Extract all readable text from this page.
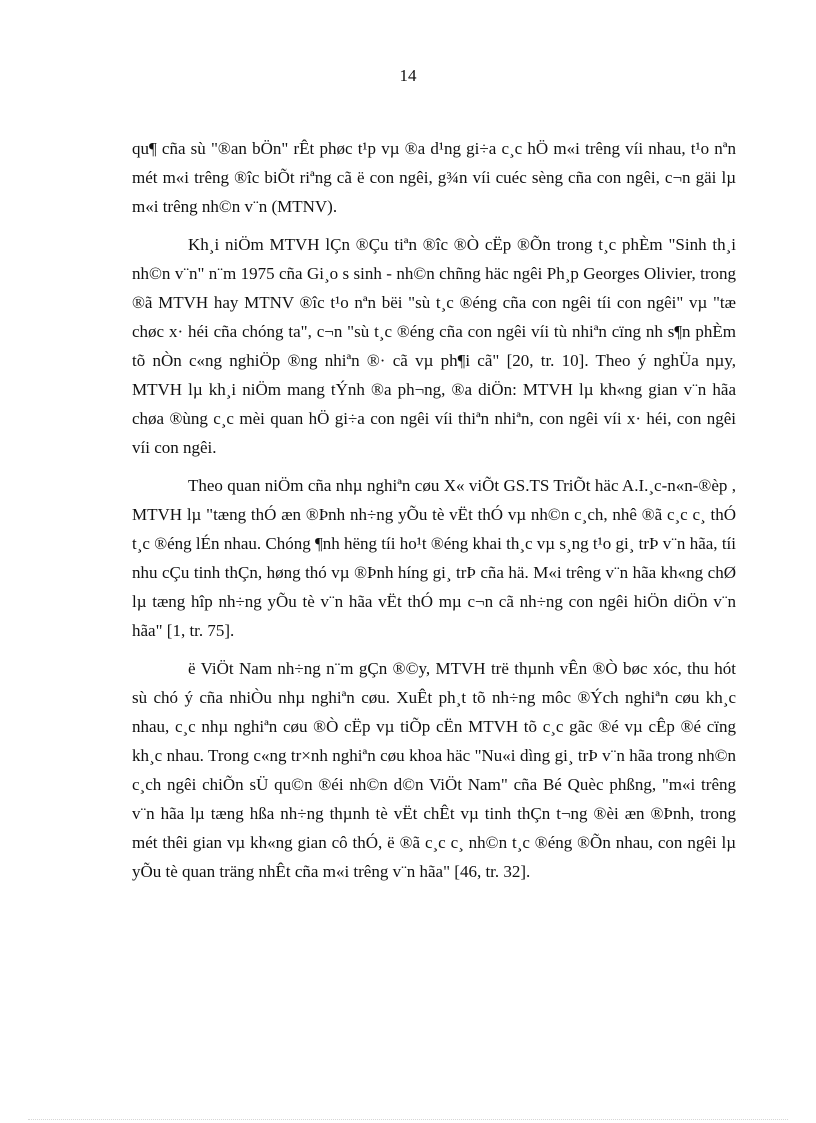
14

qu¶ cña sù "®an bÖn" rÊt phøc t¹p vµ ®a d¹ng gi÷a c¸c hÖ m«i trêng víi nhau, t¹o nªn mét m«i trêng ®îc biÕt riªng cã ë con ngêi, g¾n víi cuéc sèng cña con ngêi, c¬n gäi lµ m«i trêng nh©n v¨n (MTNV).

Kh¸i niÖm MTVH lÇn ®Çu tiªn ®îc ®Ò cËp ®Õn trong t¸c phÈm "Sinh th¸i nh©n v¨n" n¨m 1975 cña Gi¸o s sinh - nh©n chñng häc ngêi Ph¸p Georges Olivier, trong ®ã MTVH hay MTNV ®îc t¹o nªn bëi "sù t¸c ®éng cña con ngêi tíi con ngêi" vµ "tæ chøc x· héi cña chóng ta", c¬n "sù t¸c ®éng cña con ngêi víi tù nhiªn cïng nh s¶n phÈm tõ nÒn c«ng nghiÖp ®ng nhiªn ®· cã vµ ph¶i cã" [20, tr. 10]. Theo ý nghÜa nµy, MTVH lµ kh¸i niÖm mang tÝnh ®a ph¬ng, ®a diÖn: MTVH lµ kh«ng gian v¨n hãa chøa ®ùng c¸c mèi quan hÖ gi÷a con ngêi víi thiªn nhiªn, con ngêi víi x· héi, con ngêi víi con ngêi.

Theo quan niÖm cña nhµ nghiªn cøu X« viÕt GS.TS TriÕt häc A.I.¸c-n«n-®èp , MTVH lµ "tæng thÓ æn ®Þnh nh÷ng yÕu tè vËt thÓ vµ nh©n c¸ch, nhê ®ã c¸c c¸ thÓ t¸c ®éng lÉn nhau. Chóng ¶nh hëng tíi ho¹t ®éng khai th¸c vµ s¸ng t¹o gi¸ trÞ v¨n hãa, tíi nhu cÇu tinh thÇn, høng thó vµ ®Þnh híng gi¸ trÞ cña hä. M«i trêng v¨n hãa kh«ng chØ lµ tæng hîp nh÷ng yÕu tè v¨n hãa vËt thÓ mµ c¬n cã nh÷ng con ngêi hiÖn diÖn v¨n hãa" [1, tr. 75].

ë ViÖt Nam nh÷ng n¨m gÇn ®©y, MTVH trë thµnh vÊn ®Ò bøc xóc, thu hót sù chó ý cña nhiÒu nhµ nghiªn cøu. XuÊt ph¸t tõ nh÷ng môc ®Ých nghiªn cøu kh¸c nhau, c¸c nhµ nghiªn cøu ®Ò cËp vµ tiÕp cËn MTVH tõ c¸c gãc ®é vµ cÊp ®é cïng kh¸c nhau. Trong c«ng tr×nh nghiªn cøu khoa häc "Nu«i dìng gi¸ trÞ v¨n hãa trong nh©n c¸ch ngêi chiÕn sÜ qu©n ®éi nh©n d©n ViÖt Nam" cña Bé Quèc phßng, "m«i trêng v¨n hãa lµ tæng hßa nh÷ng thµnh tè vËt chÊt vµ tinh thÇn t¬ng ®èi æn ®Þnh, trong mét thêi gian vµ kh«ng gian cô thÓ, ë ®ã c¸c c¸ nh©n t¸c ®éng ®Õn nhau, con ngêi lµ yÕu tè quan träng nhÊt cña m«i trêng v¨n hãa" [46, tr. 32].
